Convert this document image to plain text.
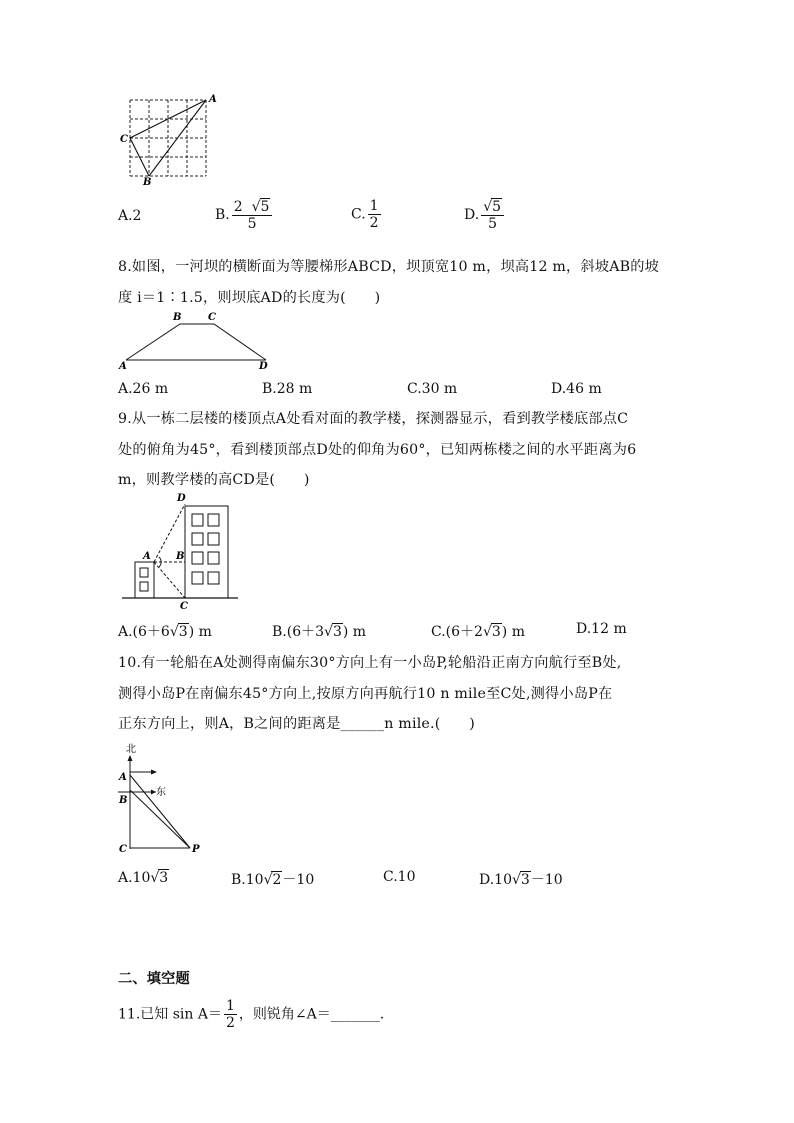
A
C
B
A.2	B. $\frac{2 √5}{5}$	C. $\frac{1}{2}$	D. $\frac{√5}{5}$
8.如图，一河坝的横断面为等腰梯形ABCD，坝顶宽10 m，坝高12 m，斜坡AB的坡
度 i＝1∶1.5，则坝底AD的长度为(　　)
A
B	C
D
A.26 m	B.28 m	C.30 m	D.46 m
9.从一栋二层楼的楼顶点A处看对面的教学楼，探测器显示，看到教学楼底部点C
处的俯角为45°，看到楼顶部点D处的仰角为60°，已知两栋楼之间的水平距离为6
m，则教学楼的高CD是(　　)
D
A	B
C
A.(6＋6√3) m	B.(6＋3√3) m	C.(6＋2√3) m	D.12 m
10.有一轮船在A处测得南偏东30°方向上有一小岛P,轮船沿正南方向航行至B处,
测得小岛P在南偏东45°方向上,按原方向再航行10 n mile至C处,测得小岛P在
正东方向上，则A，B之间的距离是______n mile.(　　)
北
东
A
B
C	P
A.10√3	B.10√2－10	C.10	D.10√3－10
二、填空题
11.已知 $\sin A= \frac{1}{2}$ ，则锐角∠A＝_______.
